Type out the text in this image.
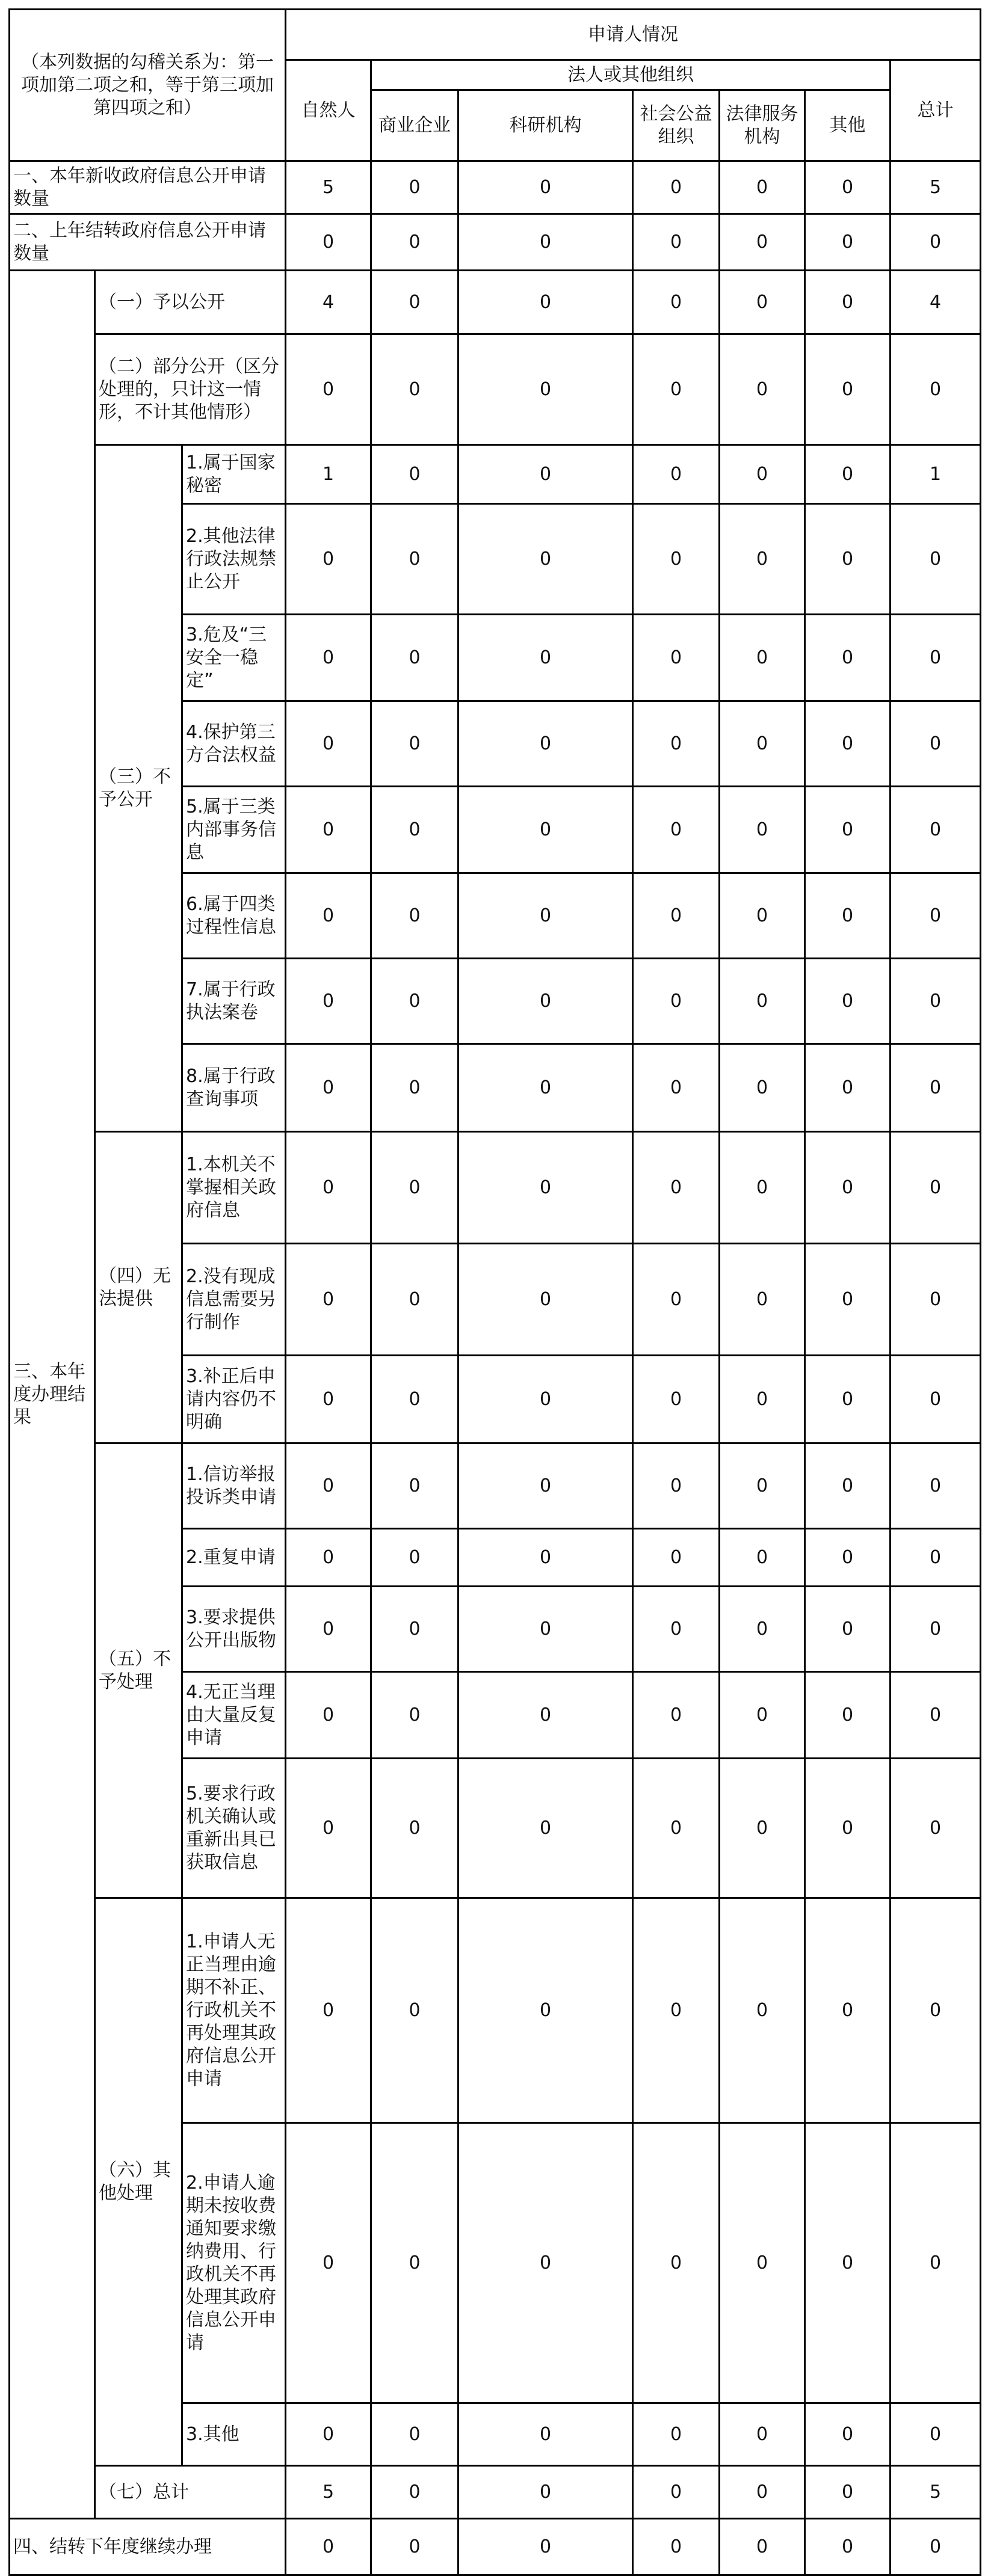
（本列数据的勾稽关系为：第一项加第二项之和，等于第三项加第四项之和）			申请人情况						
			自然人	法人或其他组织					总计
				商业企业	科研机构	社会公益组织	法律服务机构	其他	
一、本年新收政府信息公开申请数量			5	0	0	0	0	0	5
二、上年结转政府信息公开申请数量			0	0	0	0	0	0	0
三、本年度办理结果	（一）予以公开		4	0	0	0	0	0	4
	（二）部分公开（区分处理的，只计这一情形，不计其他情形）		0	0	0	0	0	0	0
	（三）不予公开	1.属于国家秘密	1	0	0	0	0	0	1
		2.其他法律行政法规禁止公开	0	0	0	0	0	0	0
		3.危及“三安全一稳定”	0	0	0	0	0	0	0
		4.保护第三方合法权益	0	0	0	0	0	0	0
		5.属于三类内部事务信息	0	0	0	0	0	0	0
		6.属于四类过程性信息	0	0	0	0	0	0	0
		7.属于行政执法案卷	0	0	0	0	0	0	0
		8.属于行政查询事项	0	0	0	0	0	0	0
	（四）无法提供	1.本机关不掌握相关政府信息	0	0	0	0	0	0	0
		2.没有现成信息需要另行制作	0	0	0	0	0	0	0
		3.补正后申请内容仍不明确	0	0	0	0	0	0	0
	（五）不予处理	1.信访举报投诉类申请	0	0	0	0	0	0	0
		2.重复申请	0	0	0	0	0	0	0
		3.要求提供公开出版物	0	0	0	0	0	0	0
		4.无正当理由大量反复申请	0	0	0	0	0	0	0
		5.要求行政机关确认或重新出具已获取信息	0	0	0	0	0	0	0
	（六）其他处理	1.申请人无正当理由逾期不补正、行政机关不再处理其政府信息公开申请	0	0	0	0	0	0	0
		2.申请人逾期未按收费通知要求缴纳费用、行政机关不再处理其政府信息公开申请	0	0	0	0	0	0	0
		3.其他	0	0	0	0	0	0	0
	（七）总计		5	0	0	0	0	0	5
四、结转下年度继续办理			0	0	0	0	0	0	0
